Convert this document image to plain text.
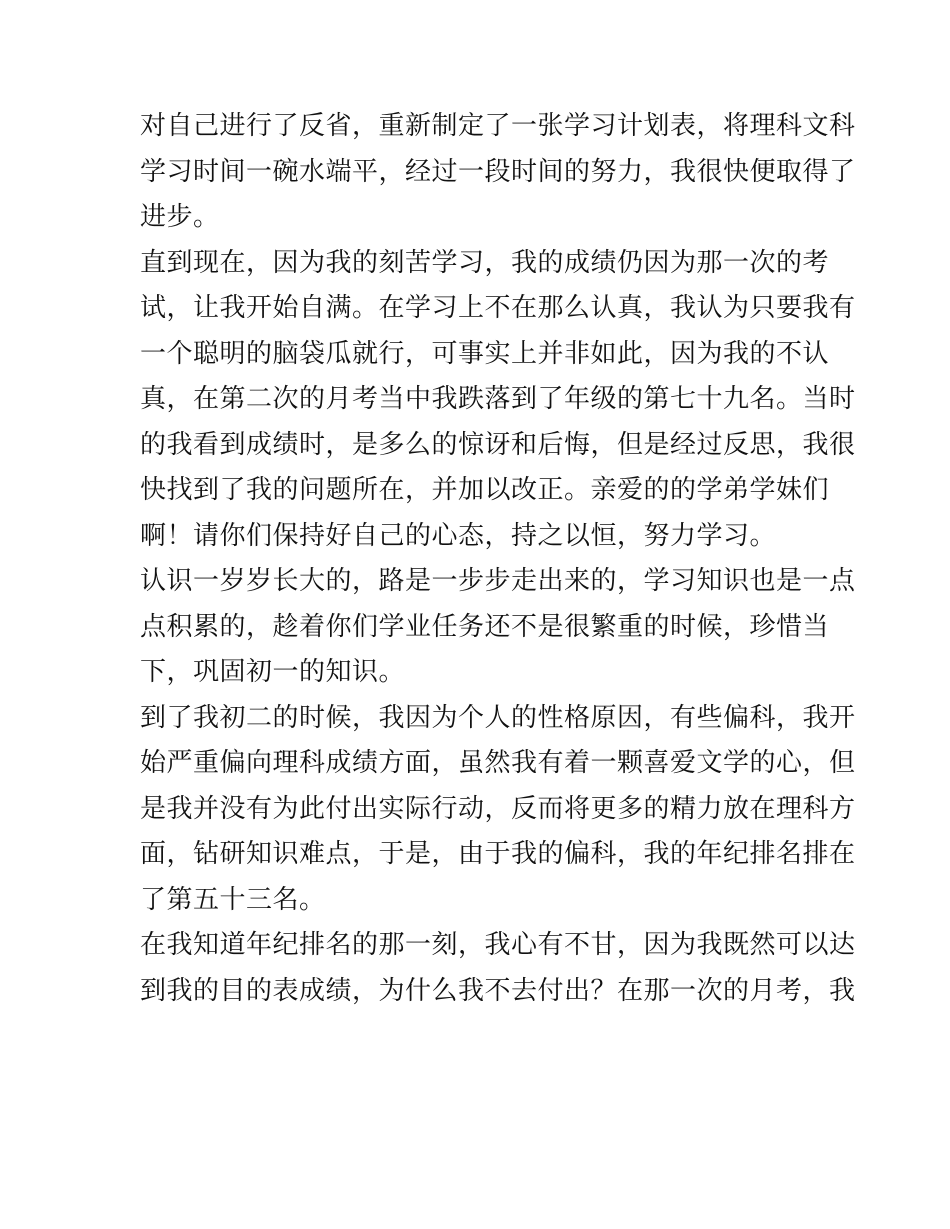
对自己进行了反省，重新制定了一张学习计划表，将理科文科
学习时间一碗水端平，经过一段时间的努力，我很快便取得了
进步。
直到现在，因为我的刻苦学习，我的成绩仍因为那一次的考
试，让我开始自满。在学习上不在那么认真，我认为只要我有
一个聪明的脑袋瓜就行，可事实上并非如此，因为我的不认
真，在第二次的月考当中我跌落到了年级的第七十九名。当时
的我看到成绩时，是多么的惊讶和后悔，但是经过反思，我很
快找到了我的问题所在，并加以改正。亲爱的的学弟学妹们
啊！请你们保持好自己的心态，持之以恒，努力学习。
认识一岁岁长大的，路是一步步走出来的，学习知识也是一点
点积累的，趁着你们学业任务还不是很繁重的时候，珍惜当
下，巩固初一的知识。
到了我初二的时候，我因为个人的性格原因，有些偏科，我开
始严重偏向理科成绩方面，虽然我有着一颗喜爱文学的心，但
是我并没有为此付出实际行动，反而将更多的精力放在理科方
面，钻研知识难点，于是，由于我的偏科，我的年纪排名排在
了第五十三名。
在我知道年纪排名的那一刻，我心有不甘，因为我既然可以达
到我的目的表成绩，为什么我不去付出？在那一次的月考，我
